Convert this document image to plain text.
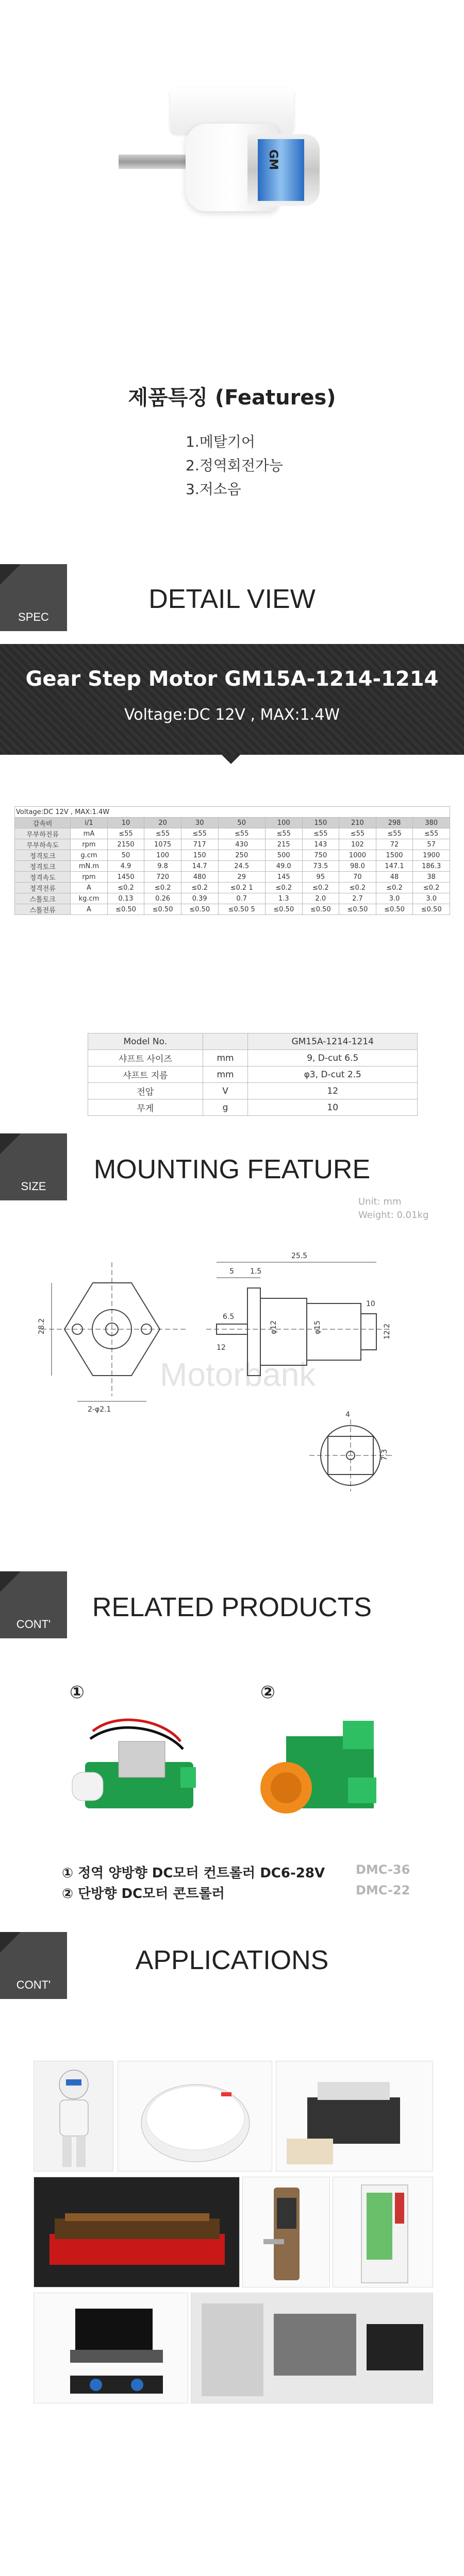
GM
제품특징 (Features)
1.메탈기어
2.정역회전가능
3.저소음
SPEC
DETAIL VIEW
Gear Step Motor GM15A-1214-1214
Voltage:DC 12V , MAX:1.4W
Voltage:DC 12V , MAX:1.4W										
감속비	i/1	10	20	30	50	100	150	210	298	380
무부하전류	mA	≤55	≤55	≤55	≤55	≤55	≤55	≤55	≤55	≤55
무부하속도	rpm	2150	1075	717	430	215	143	102	72	57
정격토크	g.cm	50	100	150	250	500	750	1000	1500	1900
정격토크	mN.m	4.9	9.8	14.7	24.5	49.0	73.5	98.0	147.1	186.3
정격속도	rpm	1450	720	480	29	145	95	70	48	38
정격전류	A	≤0.2	≤0.2	≤0.2	≤0.2 1	≤0.2	≤0.2	≤0.2	≤0.2	≤0.2
스톨토크	kg.cm	0.13	0.26	0.39	0.7	1.3	2.0	2.7	3.0	3.0
스톨전류	A	≤0.50	≤0.50	≤0.50	≤0.50 5	≤0.50	≤0.50	≤0.50	≤0.50	≤0.50
Model No.		GM15A-1214-1214
샤프트 사이즈	mm	9, D-cut 6.5
샤프트 지름	mm	φ3, D-cut 2.5
전압	V	12
무게	g	10
SIZE
MOUNTING FEATURE
Unit: mm
Weight: 0.01kg
Motorbank
28.2
2-φ2.1
25.5
5 1.5
6.5
12
10
φ12	φ15	12.2
4
7.3
CONT'
RELATED PRODUCTS
①	②
① 정역 양방향 DC모터 컨트롤러 DC6-28V DMC-36
② 단방향 DC모터 콘트롤러	DMC-22
CONT'
APPLICATIONS
